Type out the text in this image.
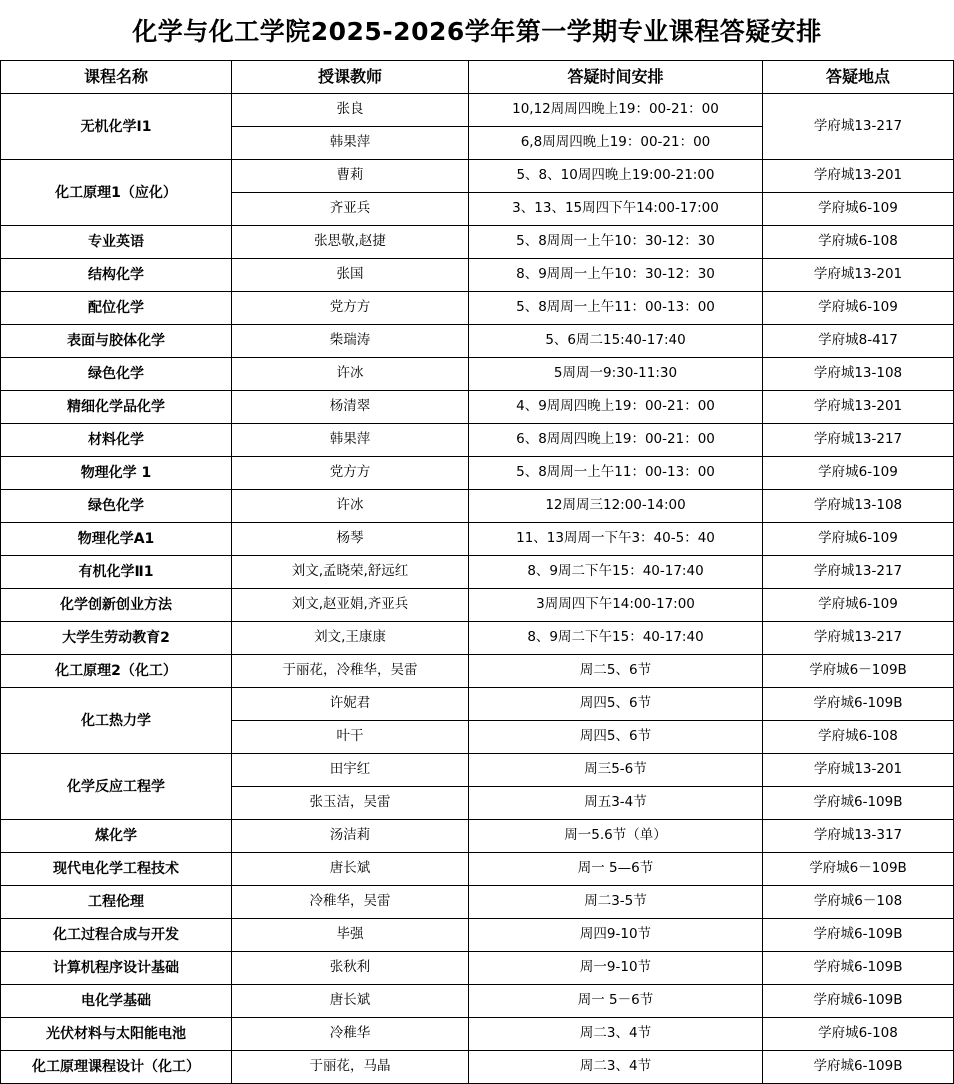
化学与化工学院2025-2026学年第一学期专业课程答疑安排
课程名称	授课教师	答疑时间安排	答疑地点
无机化学Ⅰ1	张良	10,12周周四晚上19：00-21：00	学府城13-217
	韩果萍	6,8周周四晚上19：00-21：00	
化工原理1（应化）	曹莉	5、8、10周四晚上19:00-21:00	学府城13-201
	齐亚兵	3、13、15周四下午14:00-17:00	学府城6-109
专业英语	张思敬,赵捷	5、8周周一上午10：30-12：30	学府城6-108
结构化学	张国	8、9周周一上午10：30-12：30	学府城13-201
配位化学	党方方	5、8周周一上午11：00-13：00	学府城6-109
表面与胶体化学	柴瑞涛	5、6周二15:40-17:40	学府城8-417
绿色化学	许冰	5周周一9:30-11:30	学府城13-108
精细化学品化学	杨清翠	4、9周周四晚上19：00-21：00	学府城13-201
材料化学	韩果萍	6、8周周四晚上19：00-21：00	学府城13-217
物理化学 1	党方方	5、8周周一上午11：00-13：00	学府城6-109
绿色化学	许冰	12周周三12:00-14:00	学府城13-108
物理化学A1	杨琴	11、13周周一下午3：40-5：40	学府城6-109
有机化学Ⅱ1	刘文,孟晓荣,舒远红	8、9周二下午15：40-17:40	学府城13-217
化学创新创业方法	刘文,赵亚娟,齐亚兵	3周周四下午14:00-17:00	学府城6-109
大学生劳动教育2	刘文,王康康	8、9周二下午15：40-17:40	学府城13-217
化工原理2（化工）	于丽花，冷稚华，吴雷	周二5、6节	学府城6－109B
化工热力学	许妮君	周四5、6节	学府城6-109B
	叶干	周四5、6节	学府城6-108
化学反应工程学	田宇红	周三5-6节	学府城13-201
	张玉洁，吴雷	周五3-4节	学府城6-109B
煤化学	汤洁莉	周一5.6节（单）	学府城13-317
现代电化学工程技术	唐长斌	周一 5—6节	学府城6－109B
工程伦理	冷稚华，吴雷	周二3-5节	学府城6－108
化工过程合成与开发	毕强	周四9-10节	学府城6-109B
计算机程序设计基础	张秋利	周一9-10节	学府城6-109B
电化学基础	唐长斌	周一 5－6节	学府城6-109B
光伏材料与太阳能电池	冷稚华	周二3、4节	学府城6-108
化工原理课程设计（化工）	于丽花，马晶	周二3、4节	学府城6-109B
